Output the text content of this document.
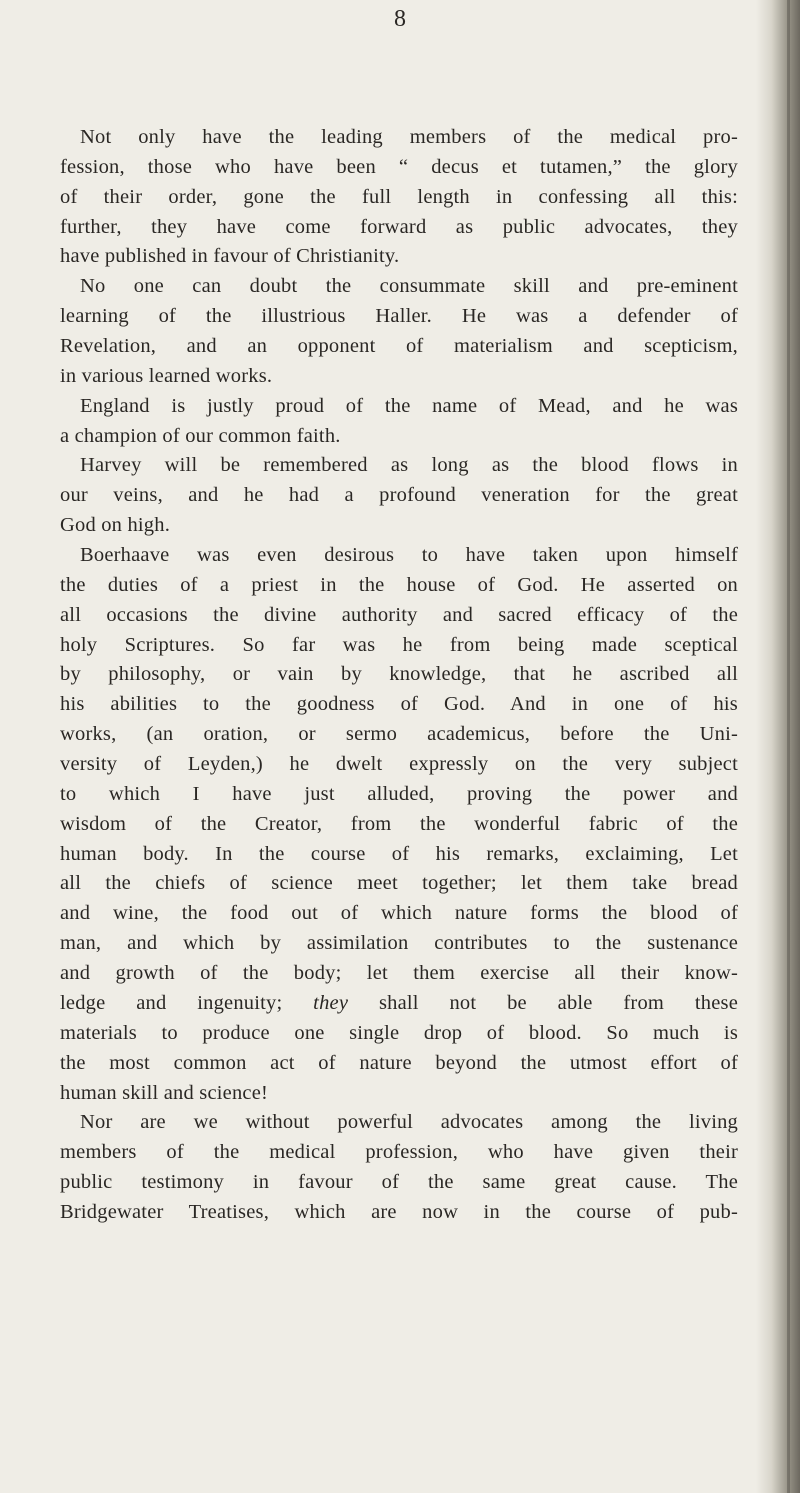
8
Not only have the leading members of the medical pro-
fession, those who have been “ decus et tutamen,” the glory
of their order, gone the full length in confessing all this:
further, they have come forward as public advocates, they
have published in favour of Christianity.
No one can doubt the consummate skill and pre-eminent
learning of the illustrious Haller. He was a defender of
Revelation, and an opponent of materialism and scepticism,
in various learned works.
England is justly proud of the name of Mead, and he was
a champion of our common faith.
Harvey will be remembered as long as the blood flows in
our veins, and he had a profound veneration for the great
God on high.
Boerhaave was even desirous to have taken upon himself
the duties of a priest in the house of God. He asserted on
all occasions the divine authority and sacred efficacy of the
holy Scriptures. So far was he from being made sceptical
by philosophy, or vain by knowledge, that he ascribed all
his abilities to the goodness of God. And in one of his
works, (an oration, or sermo academicus, before the Uni-
versity of Leyden,) he dwelt expressly on the very subject
to which I have just alluded, proving the power and
wisdom of the Creator, from the wonderful fabric of the
human body. In the course of his remarks, exclaiming, Let
all the chiefs of science meet together; let them take bread
and wine, the food out of which nature forms the blood of
man, and which by assimilation contributes to the sustenance
and growth of the body; let them exercise all their know-
ledge and ingenuity; they shall not be able from these
materials to produce one single drop of blood. So much is
the most common act of nature beyond the utmost effort of
human skill and science!
Nor are we without powerful advocates among the living
members of the medical profession, who have given their
public testimony in favour of the same great cause. The
Bridgewater Treatises, which are now in the course of pub-
